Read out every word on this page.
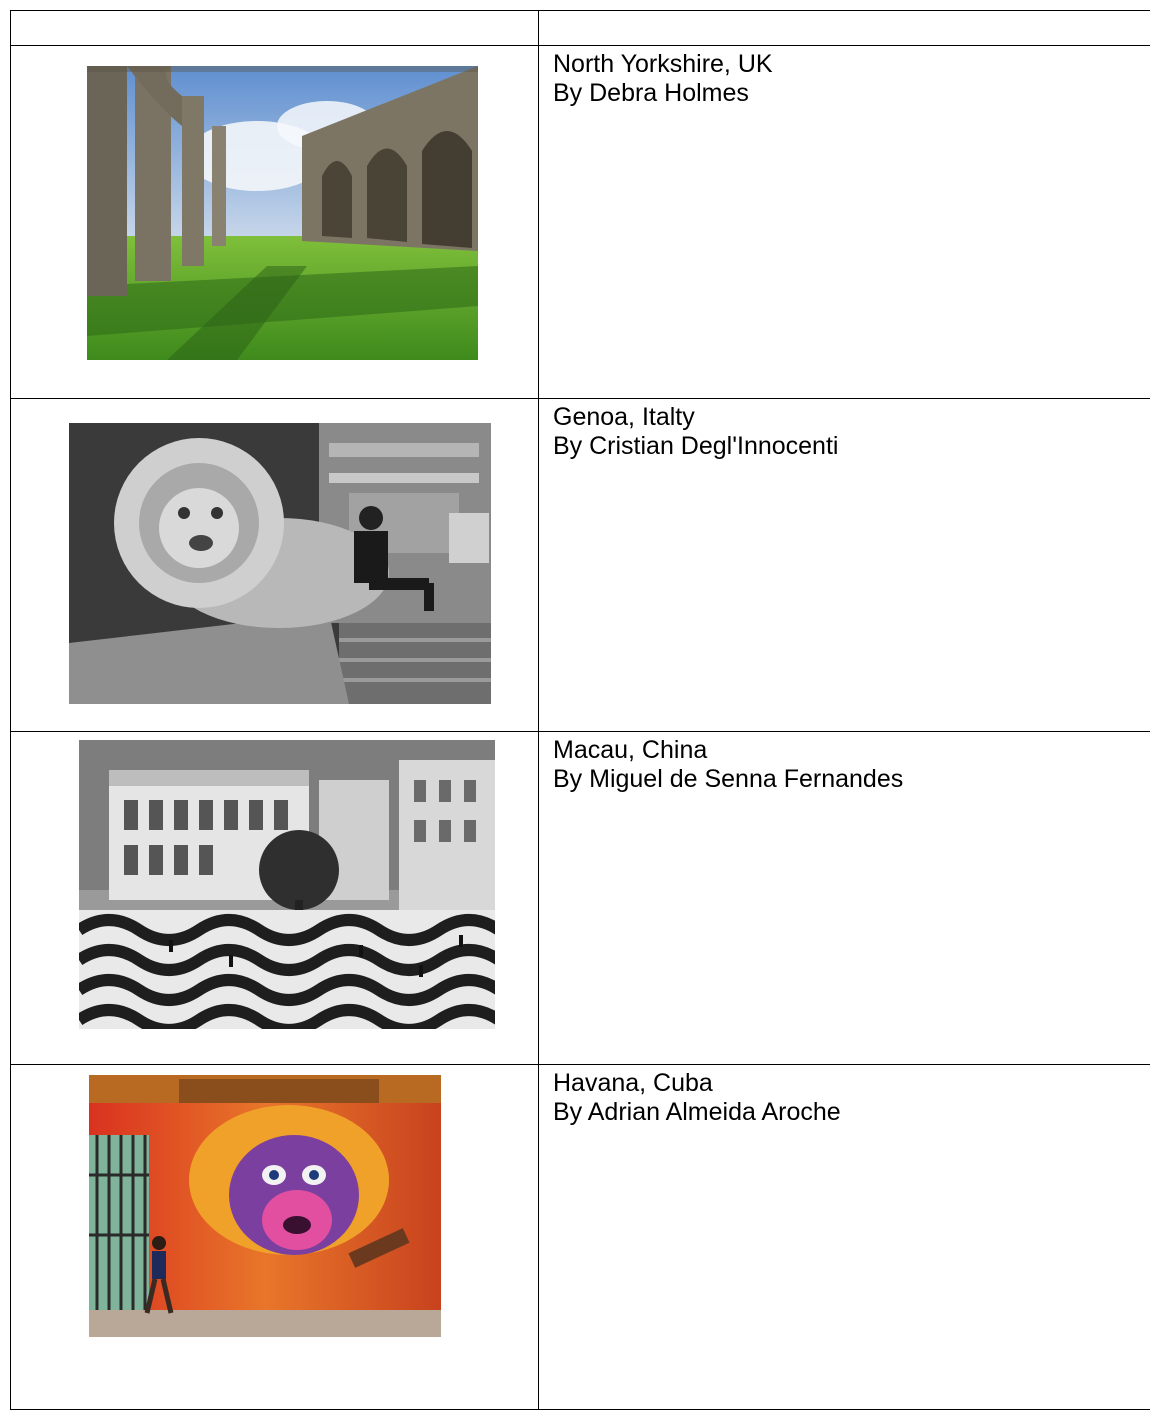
North Yorkshire, UK
By Debra Holmes

Genoa, Italty
By Cristian Degl'Innocenti

Macau, China
By Miguel de Senna Fernandes

Havana, Cuba
By Adrian Almeida Aroche
